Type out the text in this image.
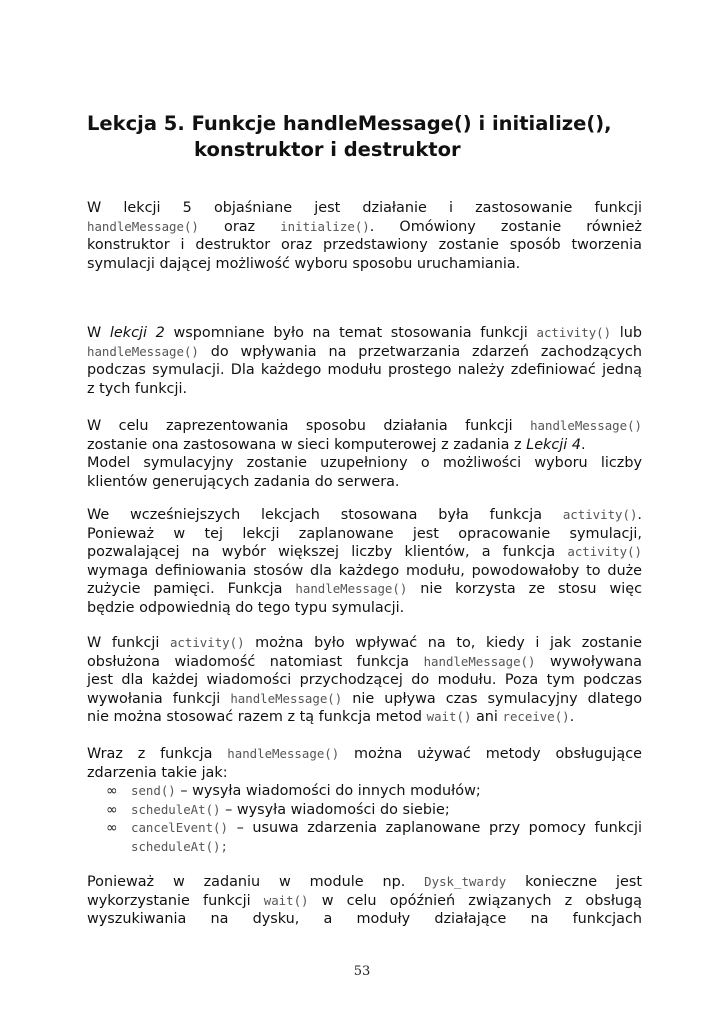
Lekcja 5. Funkcje handleMessage() i initialize(),
konstruktor i destruktor
W lekcji 5 objaśniane jest działanie i zastosowanie funkcji
handleMessage() oraz initialize(). Omówiony zostanie również
konstruktor i destruktor oraz przedstawiony zostanie sposób tworzenia
symulacji dającej możliwość wyboru sposobu uruchamiania.
W lekcji 2 wspomniane było na temat stosowania funkcji activity() lub
handleMessage() do wpływania na przetwarzania zdarzeń zachodzących
podczas symulacji. Dla każdego modułu prostego należy zdefiniować jedną
z tych funkcji.
W celu zaprezentowania sposobu działania funkcji handleMessage()
zostanie ona zastosowana w sieci komputerowej z zadania z Lekcji 4.
Model symulacyjny zostanie uzupełniony o możliwości wyboru liczby
klientów generujących zadania do serwera.
We wcześniejszych lekcjach stosowana była funkcja activity().
Ponieważ w tej lekcji zaplanowane jest opracowanie symulacji,
pozwalającej na wybór większej liczby klientów, a funkcja activity()
wymaga definiowania stosów dla każdego modułu, powodowałoby to duże
zużycie pamięci. Funkcja handleMessage() nie korzysta ze stosu więc
będzie odpowiednią do tego typu symulacji.
W funkcji activity() można było wpływać na to, kiedy i jak zostanie
obsłużona wiadomość natomiast funkcja handleMessage() wywoływana
jest dla każdej wiadomości przychodzącej do modułu. Poza tym podczas
wywołania funkcji handleMessage() nie upływa czas symulacyjny dlatego
nie można stosować razem z tą funkcja metod wait() ani receive().
Wraz z funkcja handleMessage() można używać metody obsługujące
zdarzenia takie jak:
∞ send() – wysyła wiadomości do innych modułów;
∞ scheduleAt() – wysyła wiadomości do siebie;
∞ cancelEvent() – usuwa zdarzenia zaplanowane przy pomocy funkcji
scheduleAt();
Ponieważ w zadaniu w module np. Dysk_twardy konieczne jest
wykorzystanie funkcji wait() w celu opóźnień związanych z obsługą
wyszukiwania na dysku, a moduły działające na funkcjach
53
